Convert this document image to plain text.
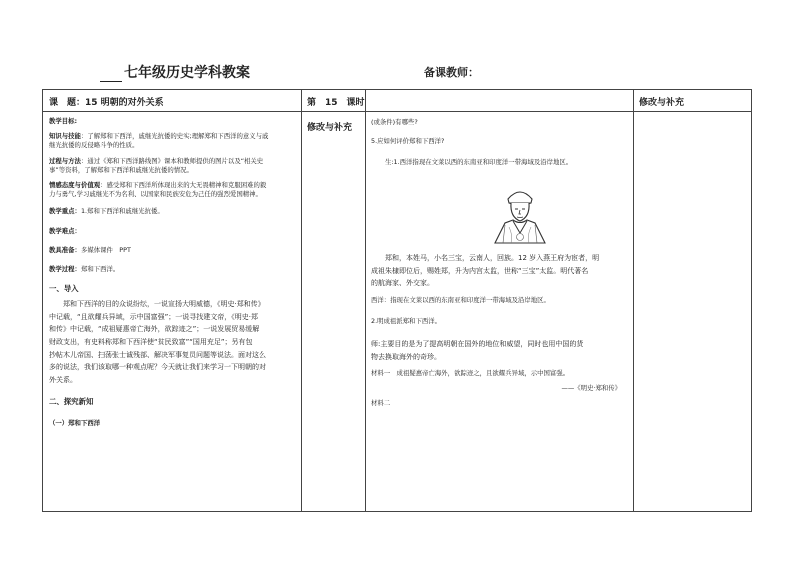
七年级历史学科教案	备课教师：
课　题：15 明朝的对外关系	第　15　课时	修改与补充
修改与补充
教学目标:
知识与技能：了解郑和下西洋，戚继光抗倭的史实;理解郑和下西洋的意义与戚
继光抗倭的反侵略斗争的性质。
过程与方法：通过《郑和下西洋路线图》课本和教师提供的图片以及“相关史
事”等资料，了解郑和下西洋和戚继光抗倭的情况。
情感态度与价值观：感受郑和下西洋所体现出来的大无畏精神和克服困难的毅
力与勇气,学习戚继光不为名利、以国家和民族安危为己任的强烈爱国精神。
教学重点：1.郑和下西洋和戚继光抗倭。
教学难点：
教具准备：多媒体课件　PPT
教学过程：郑和下西洋。
一、导入
　　郑和下西洋的目的众说纷纭，一说宣扬大明威德，《明史·郑和传》
中记载，“且欲耀兵异域，示中国富强”；一说寻找建文帝，《明史·郑
和传》中记载，“成祖疑惠帝亡海外，欲踪迹之”；一说发展贸易缓解
财政支出，有史料称郑和下西洋使“贫民致富”“国用充足”；另有包
抄帖木儿帝国、扫荡张士诚残部、解决军事复员问题等说法。面对这么
多的说法，我们该取哪一种观点呢？今天就让我们来学习一下明朝的对
外关系。
二、探究新知
（一）郑和下西洋
(或条件)有哪些?
5.应如何评价郑和下西洋?
生:1.西洋指现在文莱以西的东南亚和印度洋一带海域及沿岸地区。
　　郑和，本姓马，小名三宝，云南人，回族。12 岁入燕王府为宦者，明
成祖朱棣即位后，赐姓郑，升为内宫太监，世称“三宝”太监。明代著名
的航海家、外交家。
西洋：指现在文莱以西的东南亚和印度洋一带海域及沿岸地区。
2.明成祖派郑和下西洋。
师:主要目的是为了提高明朝在国外的地位和威望，同时也用中国的货
物去换取海外的奇珍。
材料一　成祖疑惠帝亡海外，欲踪迹之，且欲耀兵异域，示中国富强。
——《明史·郑和传》
材料二
